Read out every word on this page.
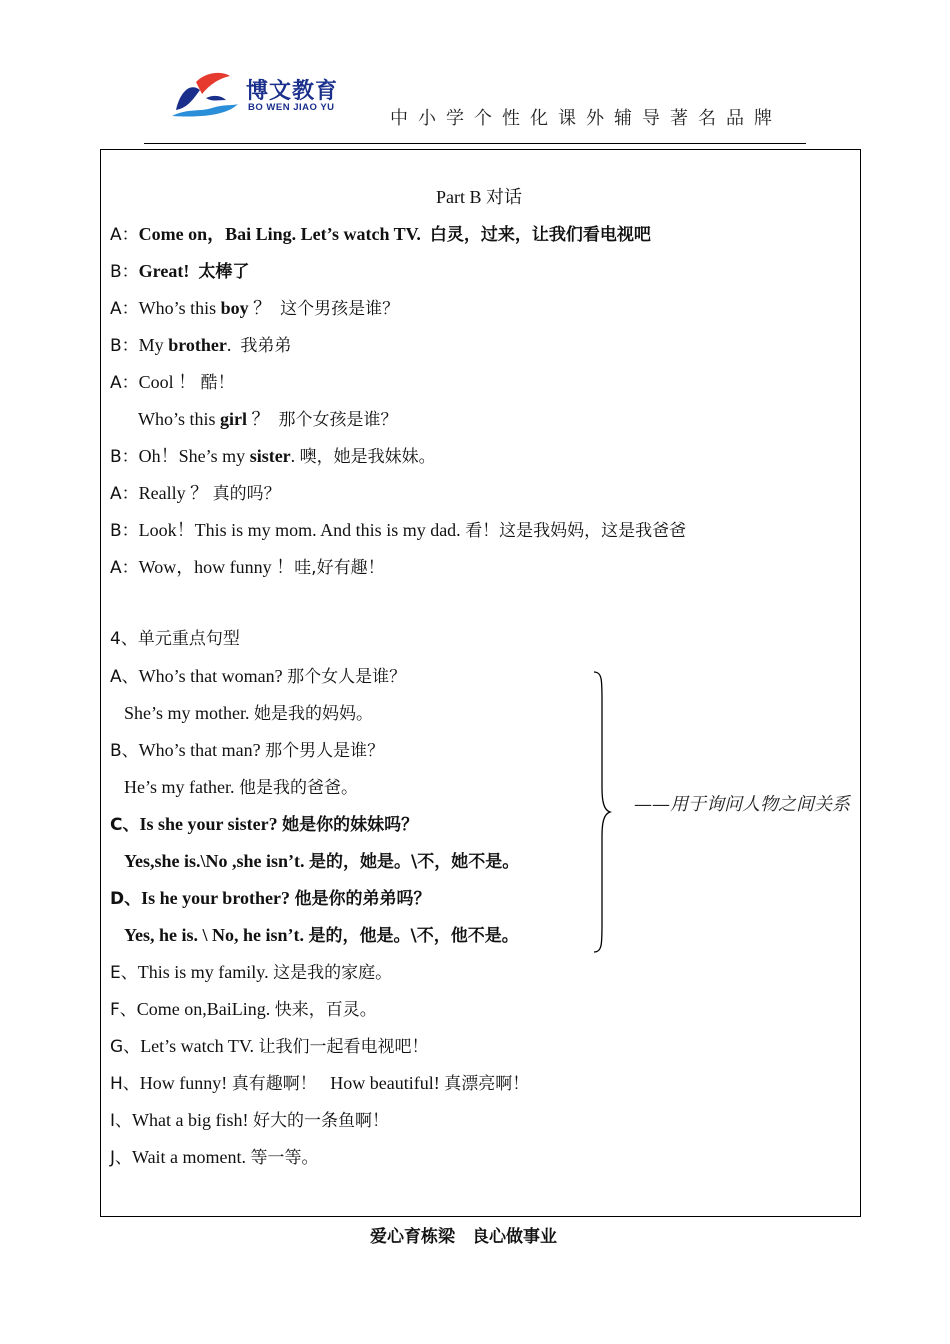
博文教育
BO WEN JIAO YU
中小学个性化课外辅导著名品牌
Part B 对话
A：Come on，Bai Ling. Let’s watch TV. 白灵，过来，让我们看电视吧
B：Great! 太棒了
A：Who’s this boy ？ 这个男孩是谁？
B：My brother. 我弟弟
A：Cool ！ 酷！
Who’s this girl ？ 那个女孩是谁？
B：Oh！She’s my sister. 噢，她是我妹妹。
A：Really ？ 真的吗？
B：Look！This is my mom. And this is my dad. 看！这是我妈妈，这是我爸爸
A：Wow，how funny ！哇,好有趣！
4、单元重点句型
A、Who’s that woman? 那个女人是谁？
She’s my mother. 她是我的妈妈。
B、Who’s that man? 那个男人是谁？
He’s my father. 他是我的爸爸。
C、Is she your sister? 她是你的妹妹吗？
Yes,she is.\No ,she isn’t. 是的，她是。\不，她不是。
D、Is he your brother? 他是你的弟弟吗？
Yes, he is. \ No, he isn’t. 是的，他是。\不，他不是。
E、This is my family. 这是我的家庭。
F、Come on,BaiLing. 快来，百灵。
G、Let’s watch TV. 让我们一起看电视吧！
H、How funny! 真有趣啊！ How beautiful! 真漂亮啊！
I、What a big fish! 好大的一条鱼啊！
J、Wait a moment. 等一等。
——用于询问人物之间关系
爱心育栋梁　良心做事业
